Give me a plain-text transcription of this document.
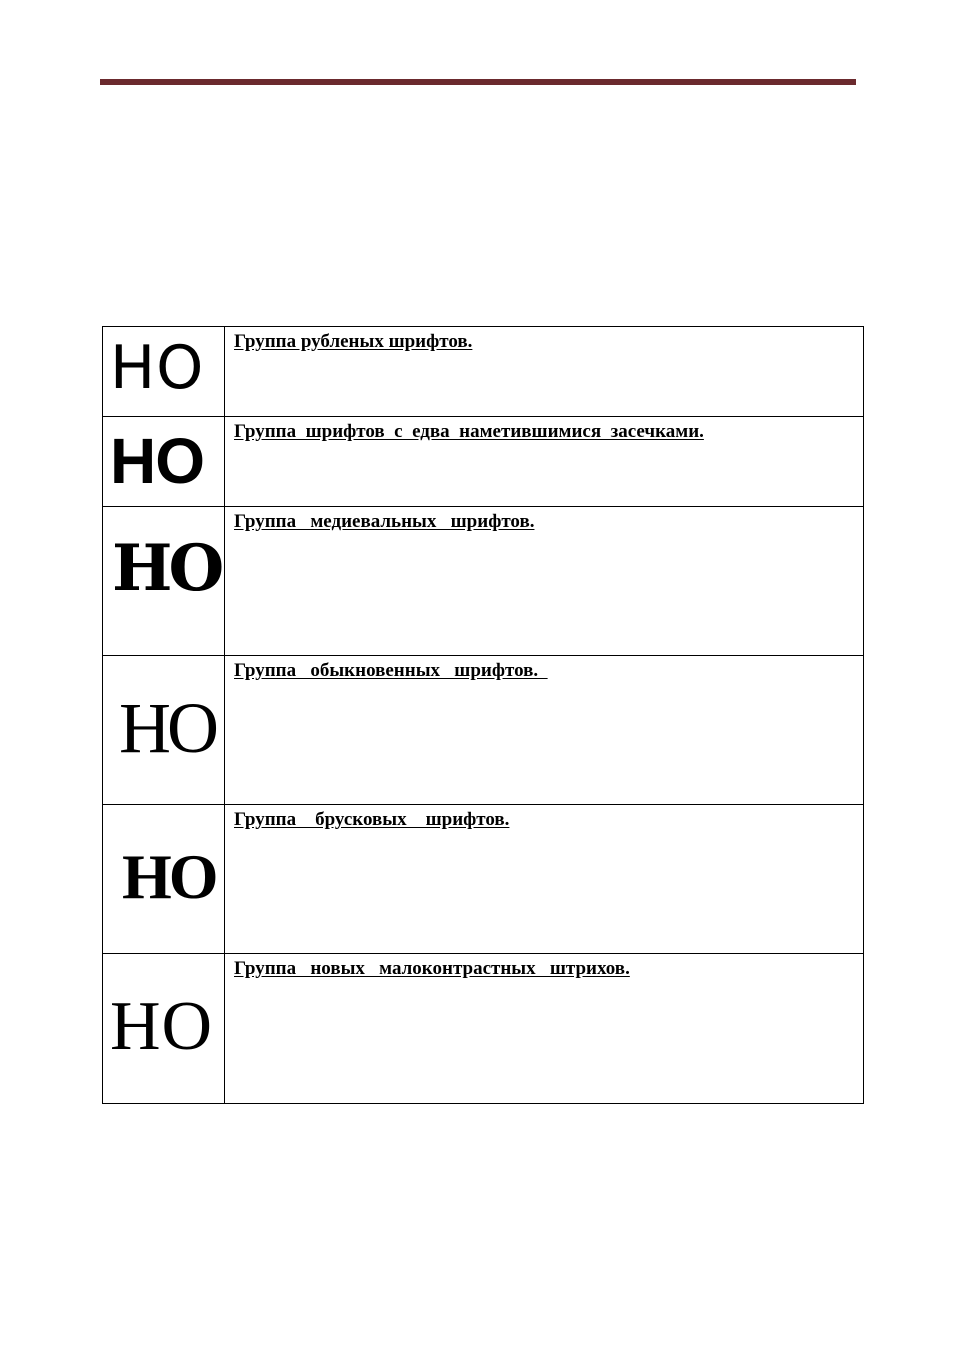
НО	Группа рубленых шрифтов.

НО	Группа  шрифтов  с  едва  наметившимися  засечками.

НО	Группа   медиевальных   шрифтов.

НО	Группа   обыкновенных   шрифтов.

НО	Группа    брусковых    шрифтов.

НО	Группа   новых   малоконтрастных   штрихов.
